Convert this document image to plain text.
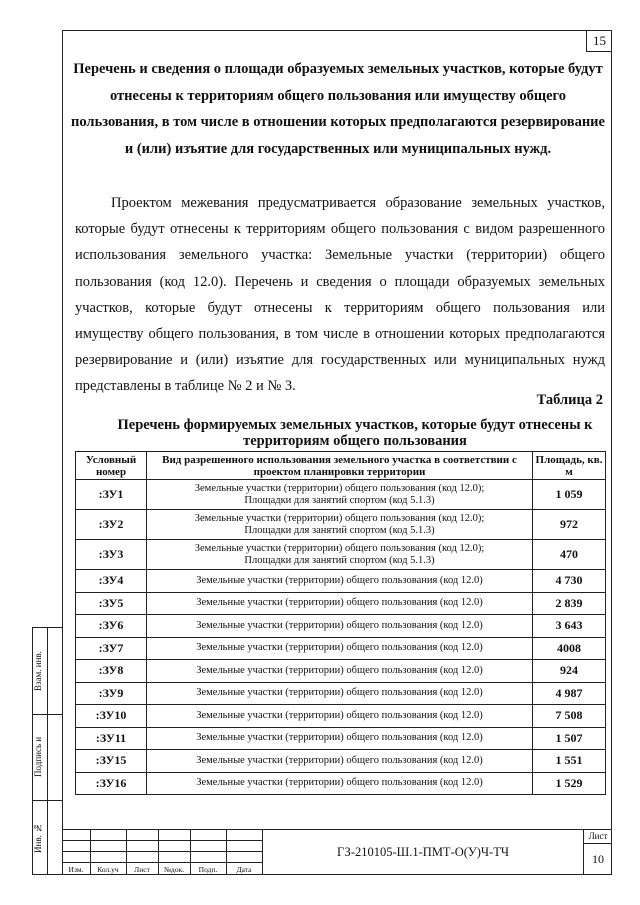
15
Перечень и сведения о площади образуемых земельных участков, которые будут отнесены к территориям общего пользования или имуществу общего пользования, в том числе в отношении которых предполагаются резервирование и (или) изъятие для государственных или муниципальных нужд.
Проектом межевания предусматривается образование земельных участков, которые будут отнесены к территориям общего пользования с видом разрешенного использования земельного участка: Земельные участки (территории) общего пользования (код 12.0). Перечень и сведения о площади образуемых земельных участков, которые будут отнесены к территориям общего пользования или имуществу общего пользования, в том числе в отношении которых предполагаются резервирование и (или) изъятие для государственных или муниципальных нужд представлены в таблице № 2 и № 3.
Таблица 2
Перечень формируемых земельных участков, которые будут отнесены к территориям общего пользования
Условный номер	Вид разрешенного использования земельного участка в соответствии с проектом планировки территории	Площадь, кв. м
:ЗУ1	Земельные участки (территории) общего пользования (код 12.0);
Площадки для занятий спортом (код 5.1.3)	1 059
:ЗУ2	Земельные участки (территории) общего пользования (код 12.0);
Площадки для занятий спортом (код 5.1.3)	972
:ЗУ3	Земельные участки (территории) общего пользования (код 12.0);
Площадки для занятий спортом (код 5.1.3)	470
:ЗУ4	Земельные участки (территории) общего пользования (код 12.0)	4 730
:ЗУ5	Земельные участки (территории) общего пользования (код 12.0)	2 839
:ЗУ6	Земельные участки (территории) общего пользования (код 12.0)	3 643
:ЗУ7	Земельные участки (территории) общего пользования (код 12.0)	4008
:ЗУ8	Земельные участки (территории) общего пользования (код 12.0)	924
:ЗУ9	Земельные участки (территории) общего пользования (код 12.0)	4 987
:ЗУ10	Земельные участки (территории) общего пользования (код 12.0)	7 508
:ЗУ11	Земельные участки (территории) общего пользования (код 12.0)	1 507
:ЗУ15	Земельные участки (территории) общего пользования (код 12.0)	1 551
:ЗУ16	Земельные участки (территории) общего пользования (код 12.0)	1 529
Взам. инв.
Подпись и
Инв. №
Изм.	Кол.уч	Лист	№док.	Подп.	Дата
ГЗ-210105-Ш.1-ПМТ-О(У)Ч-ТЧ
Лист
10
